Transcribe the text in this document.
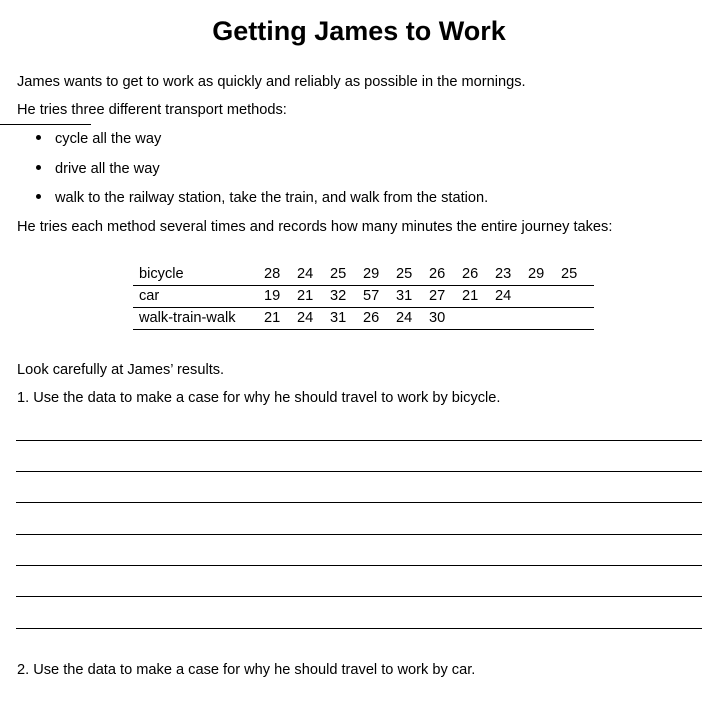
Getting James to Work

James wants to get to work as quickly and reliably as possible in the mornings.

He tries three different transport methods:

cycle all the way
drive all the way
walk to the railway station, take the train, and walk from the station.

He tries each method several times and records how many minutes the entire journey takes:

bicycle	28	24	25	29	25	26	26	23	29	25
car	19	21	32	57	31	27	21	24		
walk-train-walk	21	24	31	26	24	30				

Look carefully at James’ results.

1. Use the data to make a case for why he should travel to work by bicycle.

2. Use the data to make a case for why he should travel to work by car.
